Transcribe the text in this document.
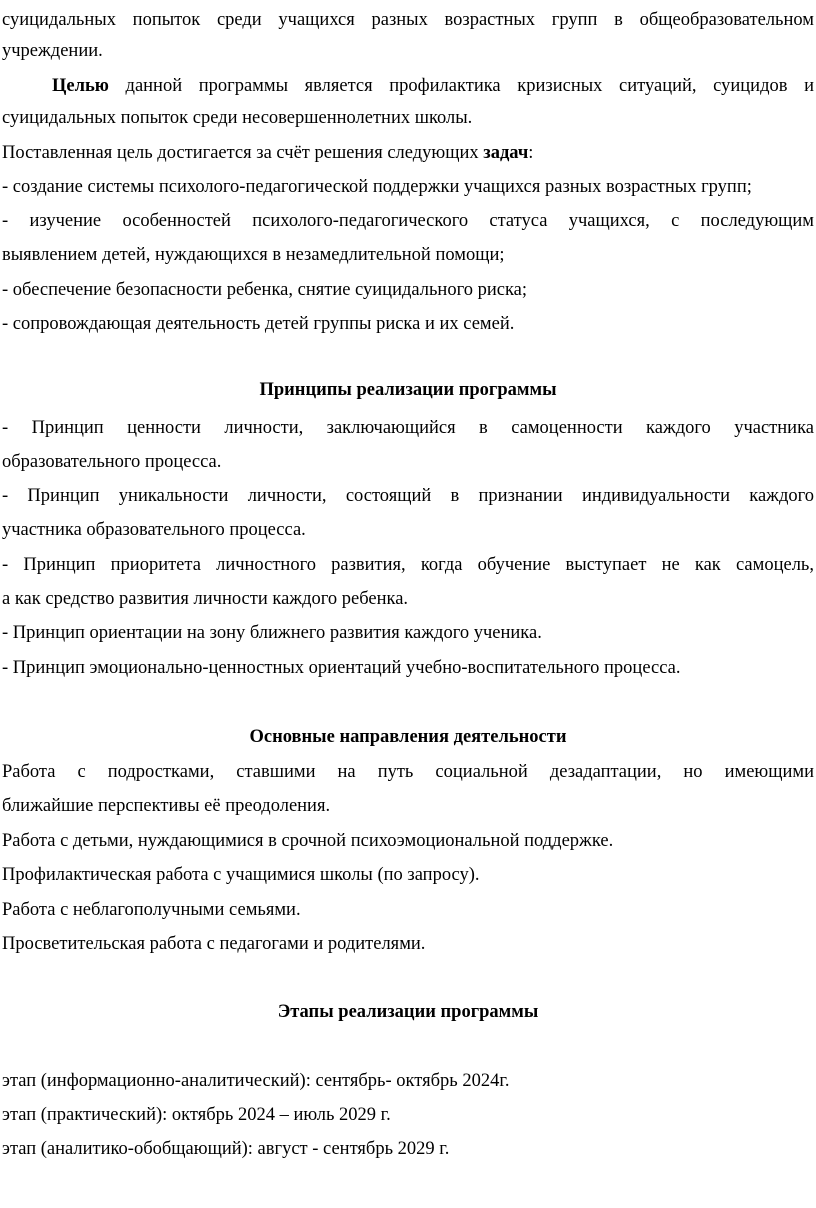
суицидальных попыток среди учащихся разных возрастных групп в общеобразовательном
учреждении.
Целью данной программы является профилактика кризисных ситуаций, суицидов и
суицидальных попыток среди несовершеннолетних школы.
Поставленная цель достигается за счёт решения следующих задач:
- создание системы психолого-педагогической поддержки учащихся разных возрастных групп;
- изучение особенностей психолого-педагогического статуса учащихся, с последующим
выявлением детей, нуждающихся в незамедлительной помощи;
- обеспечение безопасности ребенка, снятие суицидального риска;
- сопровождающая деятельность детей группы риска и их семей.
Принципы реализации программы
- Принцип ценности личности, заключающийся в самоценности каждого участника
образовательного процесса.
- Принцип уникальности личности, состоящий в признании индивидуальности каждого
участника образовательного процесса.
- Принцип приоритета личностного развития, когда обучение выступает не как самоцель,
а как средство развития личности каждого ребенка.
- Принцип ориентации на зону ближнего развития каждого ученика.
- Принцип эмоционально-ценностных ориентаций учебно-воспитательного процесса.
Основные направления деятельности
Работа с подростками, ставшими на путь социальной дезадаптации, но имеющими
ближайшие перспективы её преодоления.
Работа с детьми, нуждающимися в срочной психоэмоциональной поддержке.
Профилактическая работа с учащимися школы (по запросу).
Работа с неблагополучными семьями.
Просветительская работа с педагогами и родителями.
Этапы реализации программы
этап (информационно-аналитический): сентябрь- октябрь 2024г.
этап (практический): октябрь 2024 – июль 2029 г.
этап (аналитико-обобщающий): август - сентябрь 2029 г.
